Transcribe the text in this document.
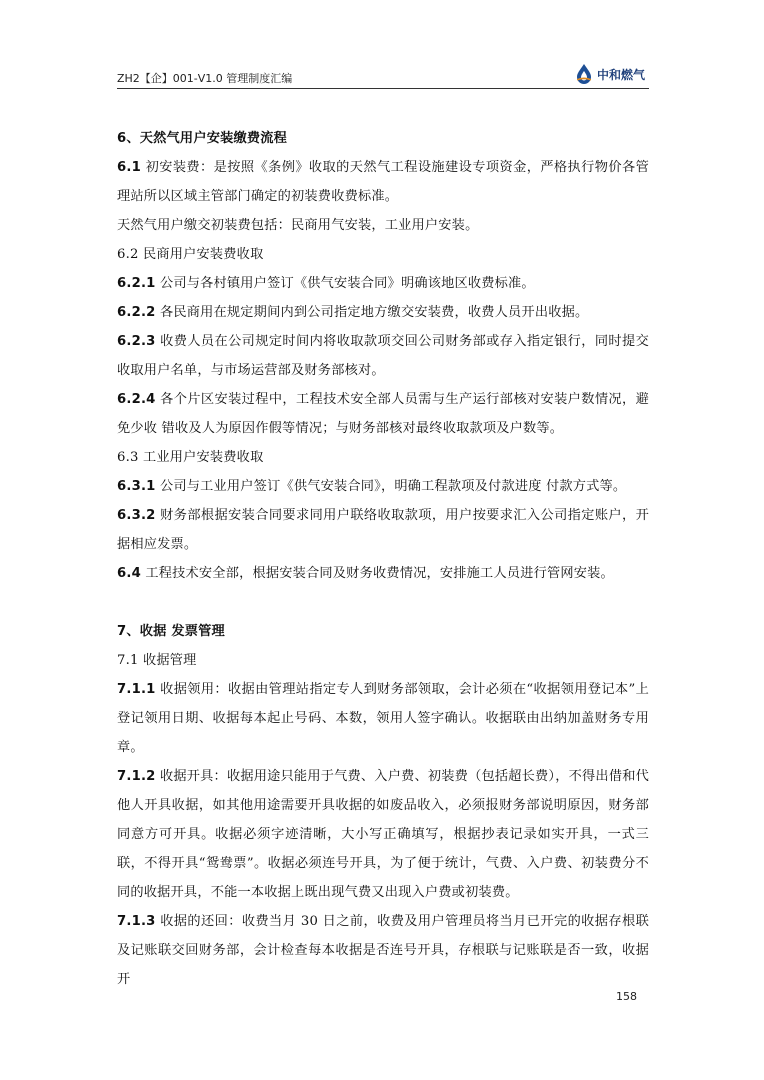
ZH2【企】001-V1.0 管理制度汇编	中和燃气
6、天然气用户安装缴费流程

6.1 初安装费：是按照《条例》收取的天然气工程设施建设专项资金，严格执行物价各管理站所以区域主管部门确定的初装费收费标准。

天然气用户缴交初装费包括：民商用气安装，工业用户安装。

6.2 民商用户安装费收取

6.2.1 公司与各村镇用户签订《供气安装合同》明确该地区收费标准。

6.2.2 各民商用在规定期间内到公司指定地方缴交安装费，收费人员开出收据。

6.2.3 收费人员在公司规定时间内将收取款项交回公司财务部或存入指定银行，同时提交收取用户名单，与市场运营部及财务部核对。

6.2.4 各个片区安装过程中，工程技术安全部人员需与生产运行部核对安装户数情况，避免少收 错收及人为原因作假等情况；与财务部核对最终收取款项及户数等。

6.3 工业用户安装费收取

6.3.1 公司与工业用户签订《供气安装合同》，明确工程款项及付款进度 付款方式等。

6.3.2 财务部根据安装合同要求同用户联络收取款项，用户按要求汇入公司指定账户，开据相应发票。

6.4 工程技术安全部，根据安装合同及财务收费情况，安排施工人员进行管网安装。

7、收据 发票管理

7.1 收据管理

7.1.1 收据领用：收据由管理站指定专人到财务部领取，会计必须在“收据领用登记本”上登记领用日期、收据每本起止号码、本数，领用人签字确认。收据联由出纳加盖财务专用章。

7.1.2 收据开具：收据用途只能用于气费、入户费、初装费（包括超长费），不得出借和代他人开具收据，如其他用途需要开具收据的如废品收入，必须报财务部说明原因，财务部同意方可开具。收据必须字迹清晰，大小写正确填写，根据抄表记录如实开具，一式三联，不得开具“鸳鸯票”。收据必须连号开具，为了便于统计，气费、入户费、初装费分不同的收据开具，不能一本收据上既出现气费又出现入户费或初装费。

7.1.3 收据的还回：收费当月 30 日之前，收费及用户管理员将当月已开完的收据存根联及记账联交回财务部，会计检查每本收据是否连号开具，存根联与记账联是否一致，收据开

158
